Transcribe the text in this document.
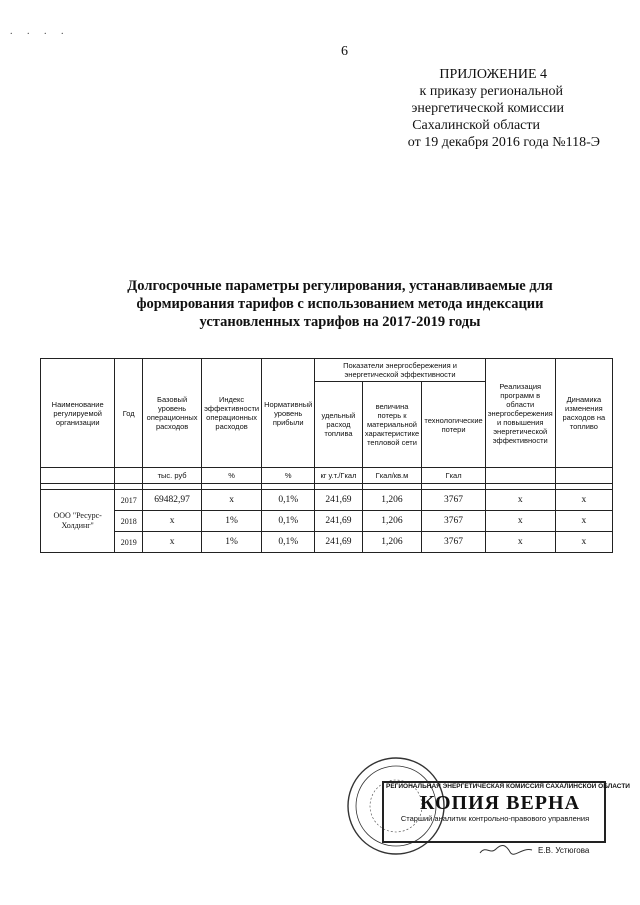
. . . .
6
ПРИЛОЖЕНИЕ 4
к приказу региональной
энергетической комиссии
Сахалинской области
от 19 декабря 2016 года №118-Э
Долгосрочные параметры регулирования, устанавливаемые для
формирования тарифов с использованием метода индексации
установленных тарифов на 2017-2019 годы
Наименование регулируемой организации	Год	Базовый уровень операционных расходов	Индекс эффективности операционных расходов	Нормативный уровень прибыли	Показатели энергосбережения и энергетической эффективности			Реализация программ в области энергосбережения и повышения энергетической эффективности	Динамика изменения расходов на топливо
					удельный расход топлива	величина потерь к материальной характеристике тепловой сети	технологические потери		
		тыс. руб	%	%	кг у.т./Гкал	Гкал/кв.м	Гкал		

ООО "Ресурс-Холдинг"	2017	69482,97	х	0,1%	241,69	1,206	3767	х	х
	2018	х	1%	0,1%	241,69	1,206	3767	х	х
	2019	х	1%	0,1%	241,69	1,206	3767	х	х
РЕГИОНАЛЬНАЯ ЭНЕРГЕТИЧЕСКАЯ КОМИССИЯ САХАЛИНСКОЙ ОБЛАСТИ
КОПИЯ ВЕРНА
Старший аналитик контрольно-правового управления
Е.В. Устюгова
